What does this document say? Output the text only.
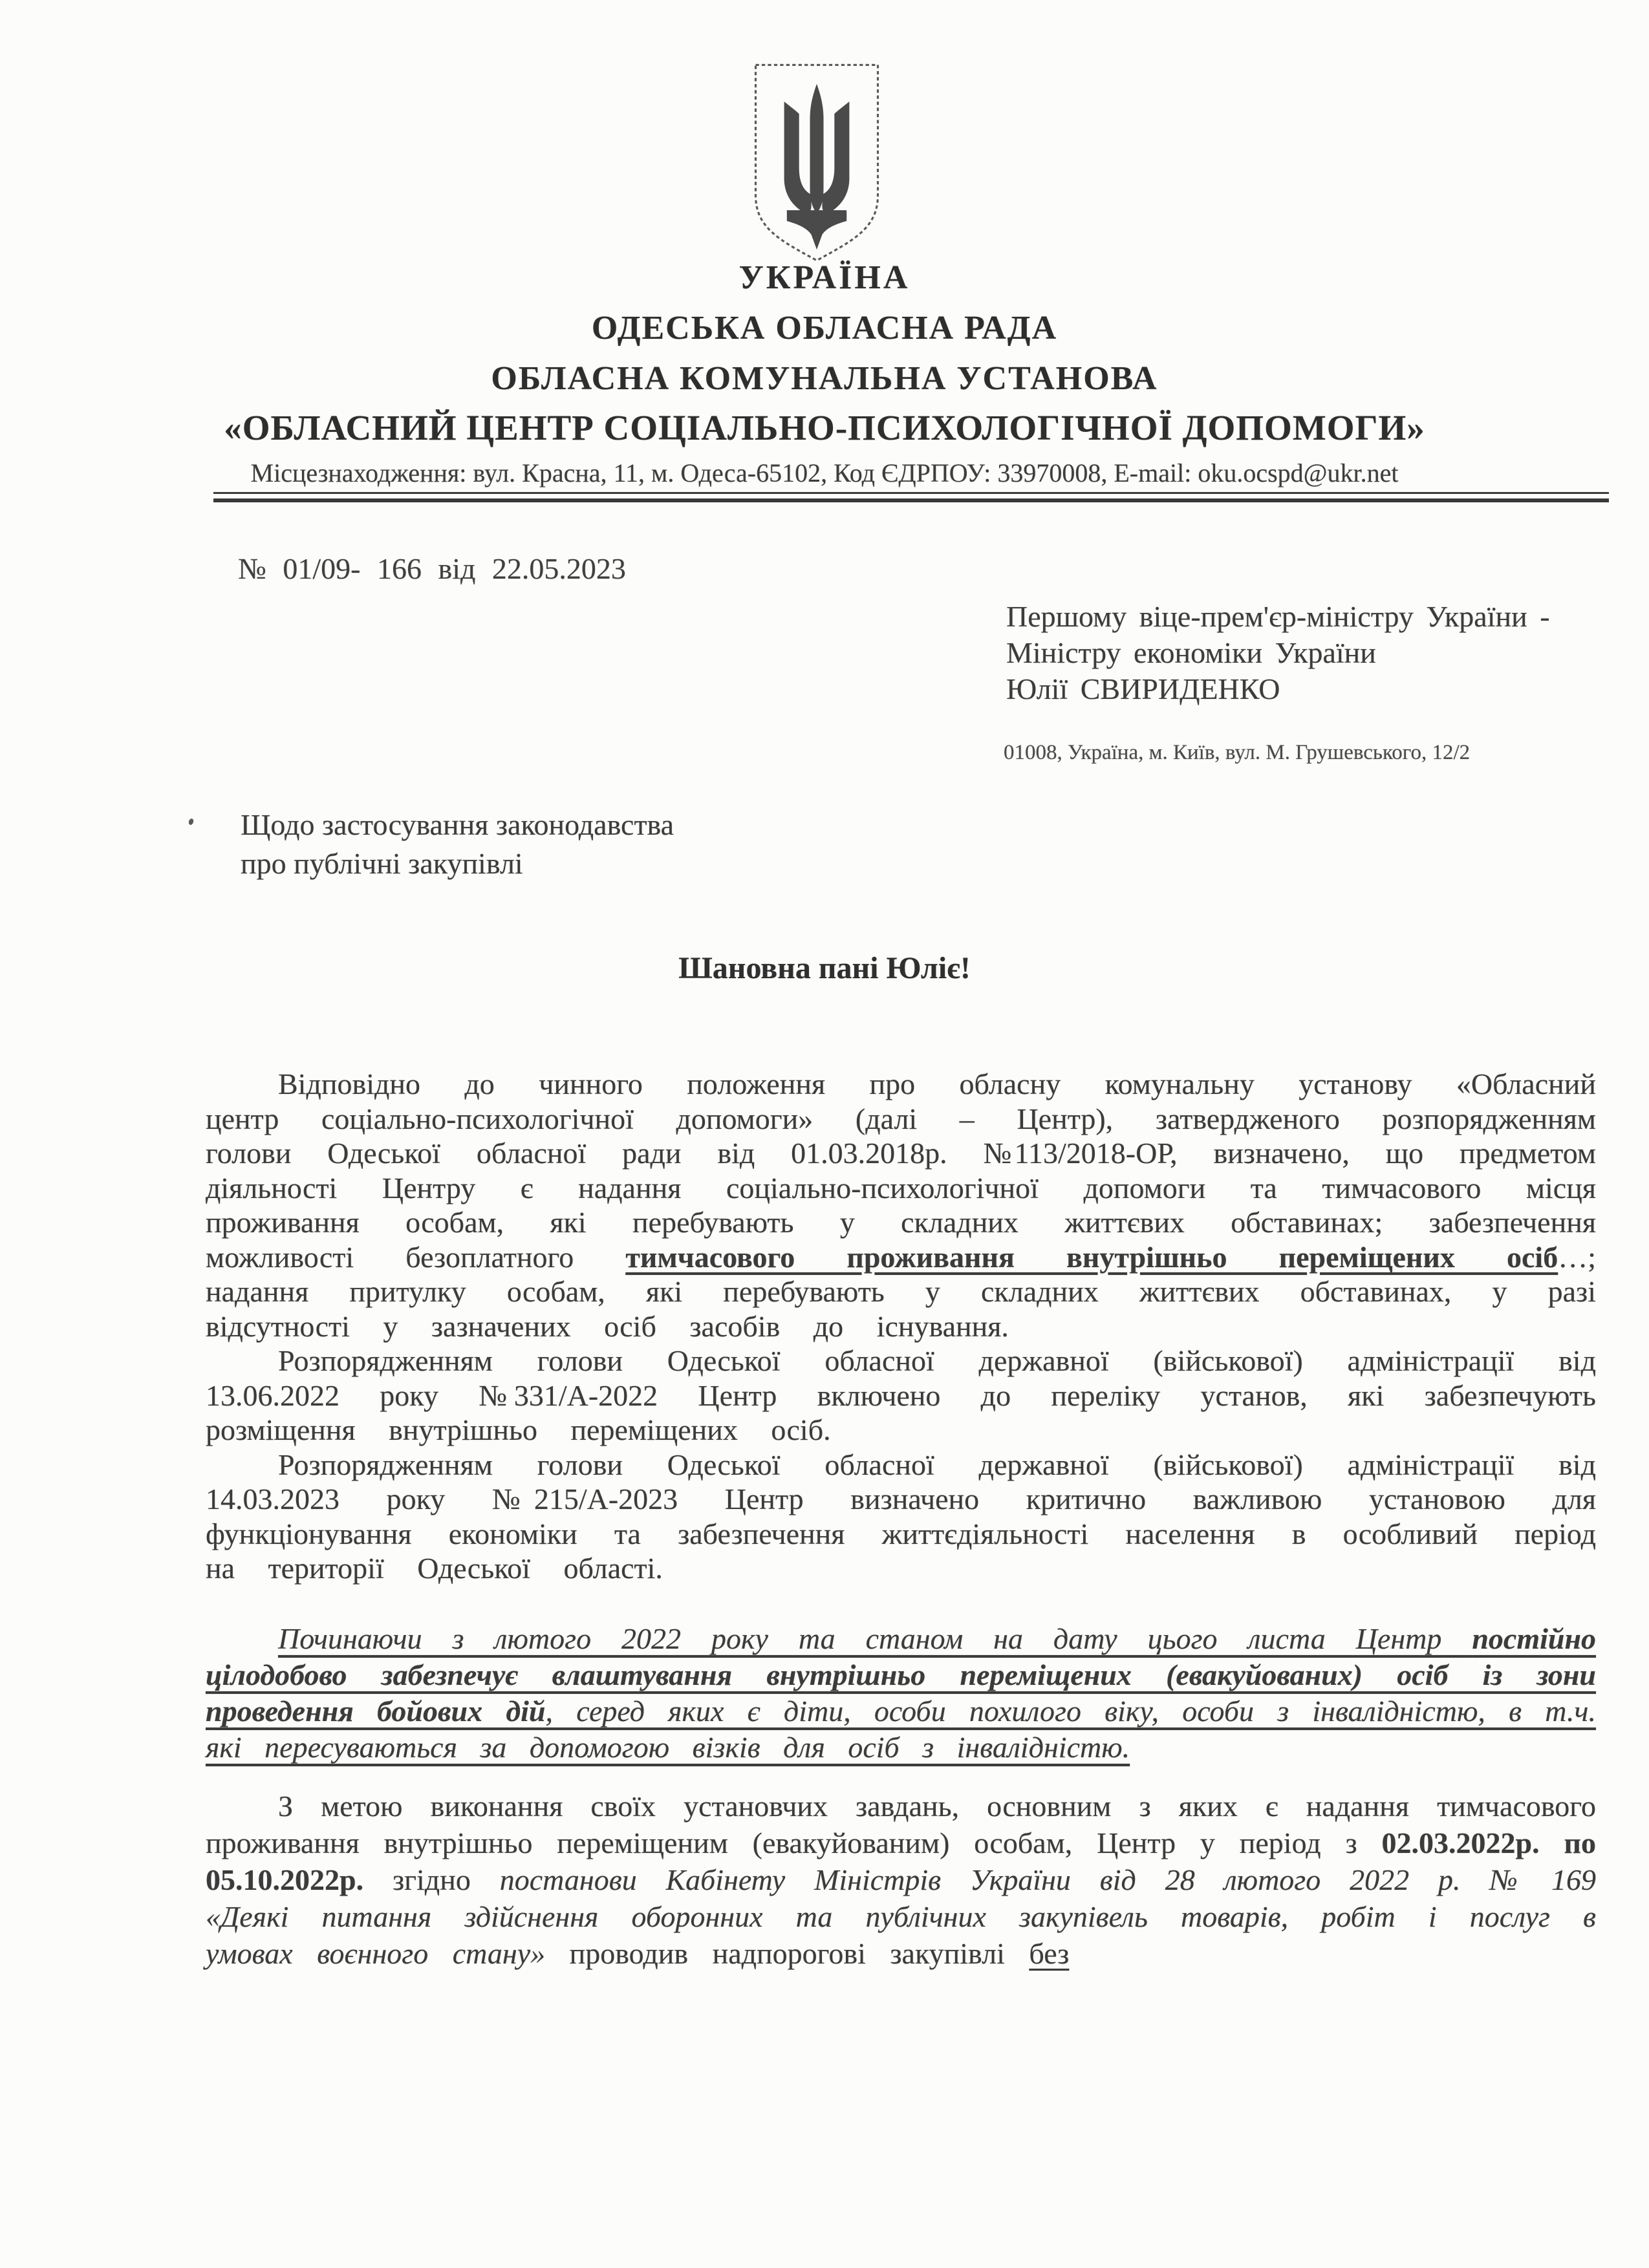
УКРАЇНА
ОДЕСЬКА ОБЛАСНА РАДА
ОБЛАСНА КОМУНАЛЬНА УСТАНОВА
«ОБЛАСНИЙ ЦЕНТР СОЦІАЛЬНО-ПСИХОЛОГІЧНОЇ ДОПОМОГИ»
Місцезнаходження: вул. Красна, 11, м. Одеса-65102, Код ЄДРПОУ: 33970008, E-mail: oku.ocspd@ukr.net
№ 01/09- 166 від 22.05.2023
Першому віце-прем'єр-міністру України -
Міністру економіки України
Юлії СВИРИДЕНКО
01008, Україна, м. Київ, вул. М. Грушевського, 12/2
Щодо застосування законодавства
про публічні закупівлі
Шановна пані Юліє!

Відповідно до чинного положення про обласну комунальну установу «Обласний центр соціально-психологічної допомоги» (далі – Центр), затвердженого розпорядженням голови Одеської обласної ради від 01.03.2018р. №113/2018-ОР, визначено, що предметом діяльності Центру є надання соціально-психологічної допомоги та тимчасового місця проживання особам, які перебувають у складних життєвих обставинах; забезпечення можливості безоплатного тимчасового проживання внутрішньо переміщених осіб…; надання притулку особам, які перебувають у складних життєвих обставинах, у разі відсутності у зазначених осіб засобів до існування.

Розпорядженням голови Одеської обласної державної (військової) адміністрації від 13.06.2022 року №331/А-2022 Центр включено до переліку установ, які забезпечують розміщення внутрішньо переміщених осіб.

Розпорядженням голови Одеської обласної державної (військової) адміністрації від 14.03.2023 року №215/А-2023 Центр визначено критично важливою установою для функціонування економіки та забезпечення життєдіяльності населення в особливий період на території Одеської області.

Починаючи з лютого 2022 року та станом на дату цього листа Центр постійно цілодобово забезпечує влаштування внутрішньо переміщених (евакуйованих) осіб із зони проведення бойових дій, серед яких є діти, особи похилого віку, особи з інвалідністю, в т.ч. які пересуваються за допомогою візків для осіб з інвалідністю.

З метою виконання своїх установчих завдань, основним з яких є надання тимчасового проживання внутрішньо переміщеним (евакуйованим) особам, Центр у період з 02.03.2022р. по 05.10.2022р. згідно постанови Кабінету Міністрів України від 28 лютого 2022 р. № 169 «Деякі питання здійснення оборонних та публічних закупівель товарів, робіт і послуг в умовах воєнного стану» проводив надпорогові закупівлі без
